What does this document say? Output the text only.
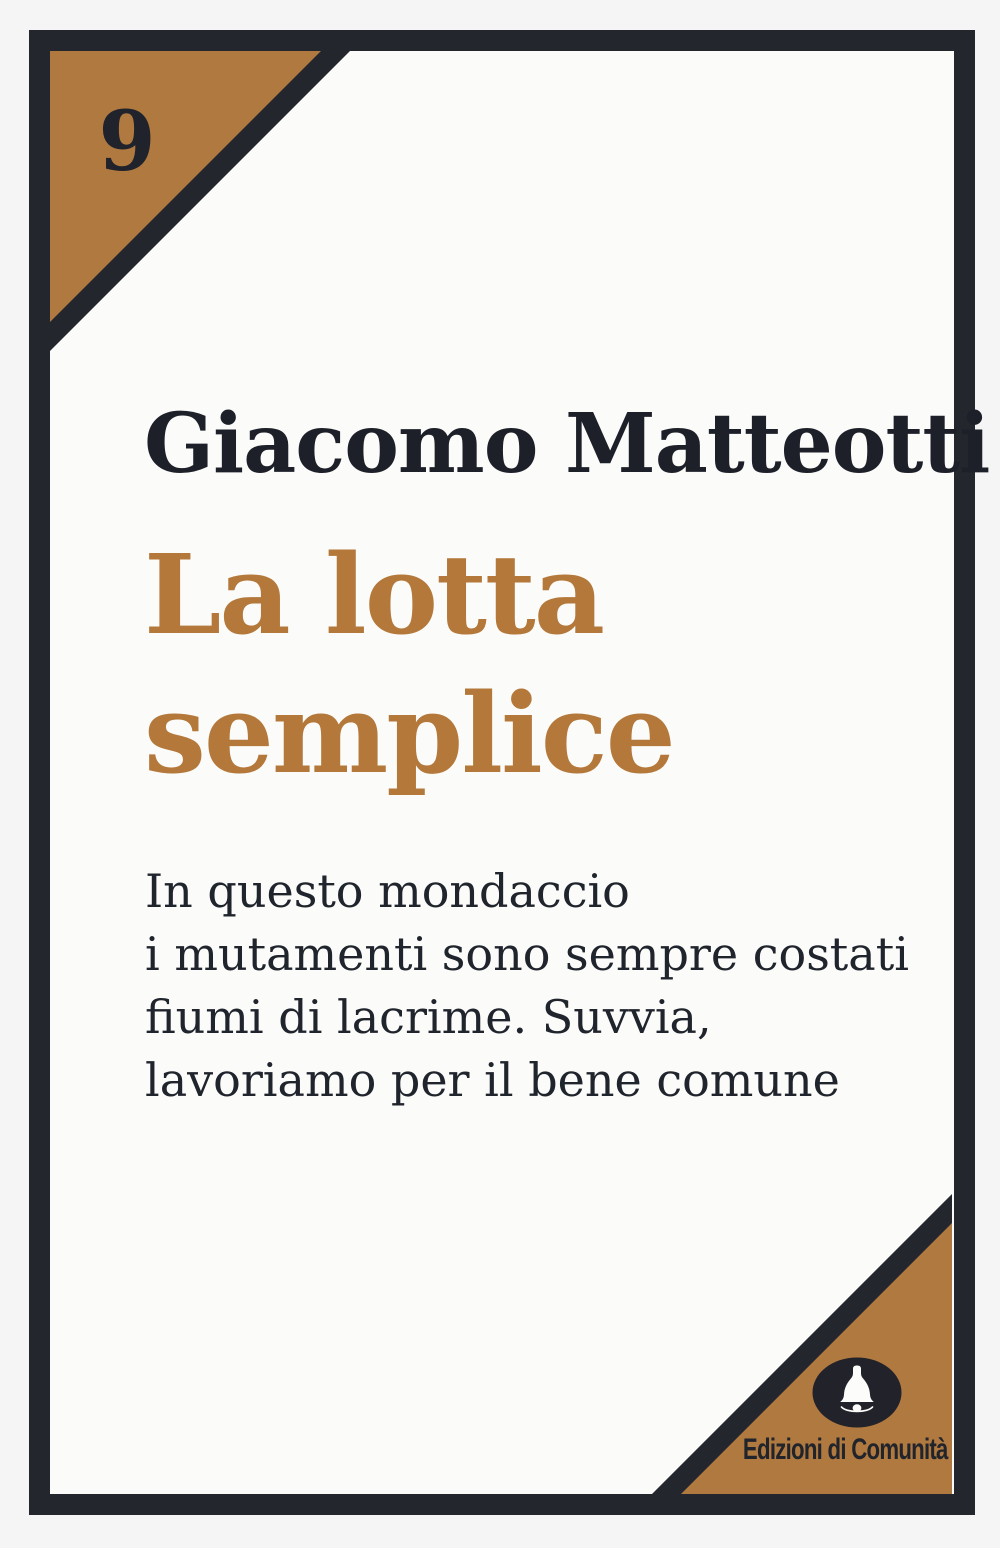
9
Giacomo Matteotti
La lotta
semplice
In questo mondaccio
i mutamenti sono sempre costati
fiumi di lacrime. Suvvia,
lavoriamo per il bene comune
Edizioni di Comunità
